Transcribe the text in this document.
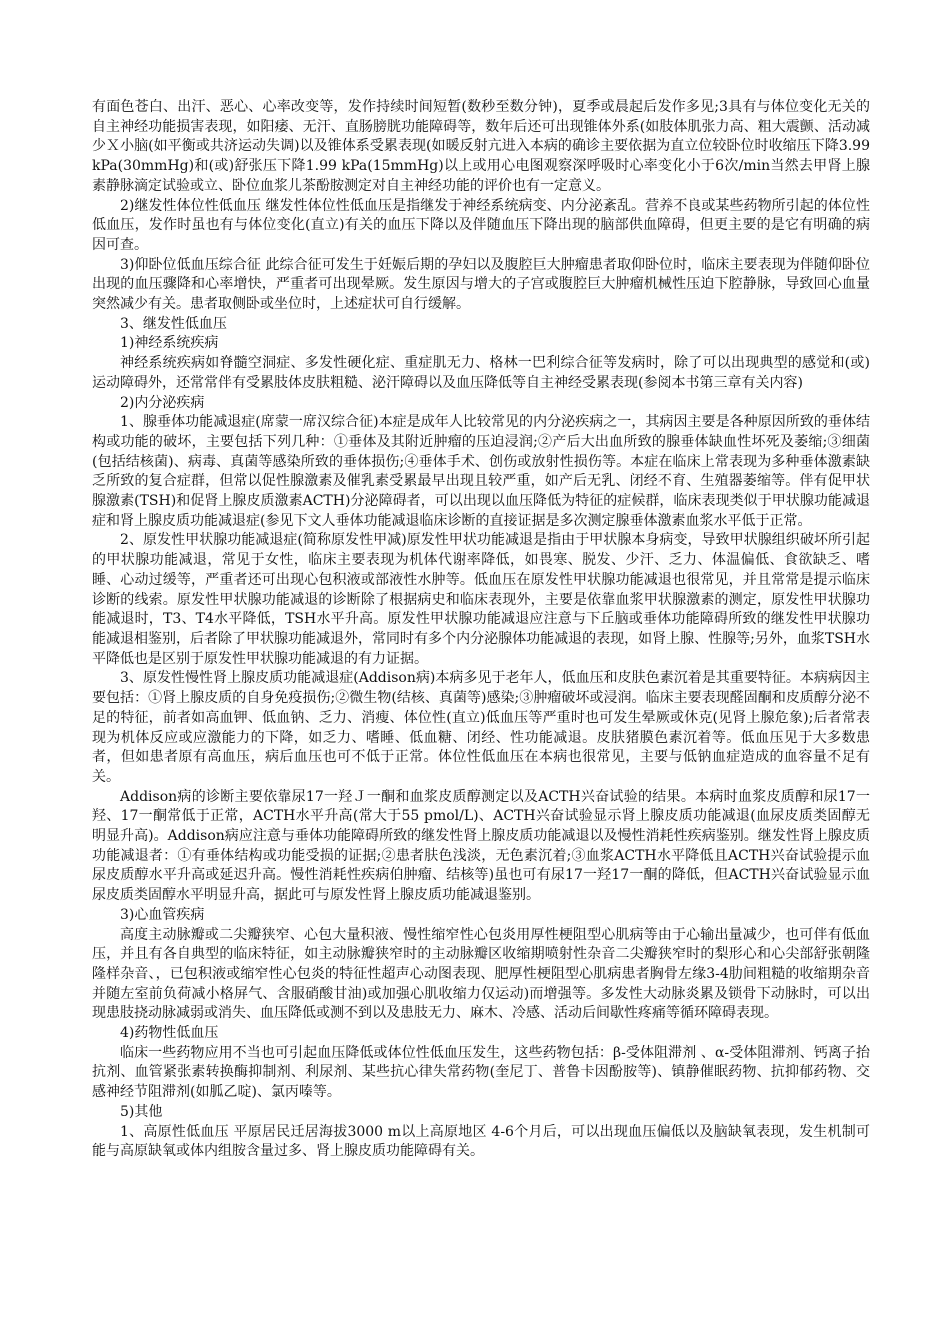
有面色苍白、出汗、恶心、心率改变等，发作持续时间短暂(数秒至数分钟)，夏季或晨起后发作多见;3具有与体位变化无关的自主神经功能损害表现，如阳痿、无汗、直肠膀胱功能障碍等，数年后还可出现锥体外系(如肢体肌张力高、粗大震颤、活动减少Ｘ小脑(如平衡或共济运动失调)以及锥体系受累表现(如暖反射亢进入本病的确诊主要依据为直立位较卧位时收缩压下降3.99 kPa(30mmHg)和(或)舒张压下降1.99 kPa(15mmHg)以上或用心电图观察深呼吸时心率变化小于6次/min当然去甲肾上腺素静脉滴定试验或立、卧位血浆儿茶酚胺测定对自主神经功能的评价也有一定意义。

2)继发性体位性低血压 继发性体位性低血压是指继发于神经系统病变、内分泌紊乱。营养不良或某些药物所引起的体位性低血压，发作时虽也有与体位变化(直立)有关的血压下降以及伴随血压下降出现的脑部供血障碍，但更主要的是它有明确的病因可查。

3)仰卧位低血压综合征 此综合征可发生于妊娠后期的孕妇以及腹腔巨大肿瘤患者取仰卧位时，临床主要表现为伴随仰卧位出现的血压骤降和心率增快，严重者可出现晕厥。发生原因与增大的子宫或腹腔巨大肿瘤机械性压迫下腔静脉，导致回心血量突然减少有关。患者取侧卧或坐位时，上述症状可自行缓解。

3、继发性低血压

1)神经系统疾病

神经系统疾病如脊髓空洞症、多发性硬化症、重症肌无力、格林一巴利综合征等发病时，除了可以出现典型的感觉和(或)运动障碍外，还常常伴有受累肢体皮肤粗糙、泌汗障碍以及血压降低等自主神经受累表现(参阅本书第三章有关内容)

2)内分泌疾病

1、腺垂体功能减退症(席蒙一席汉综合征)本症是成年人比较常见的内分泌疾病之一，其病因主要是各种原因所致的垂体结构或功能的破坏，主要包括下列几种：①垂体及其附近肿瘤的压迫浸润;②产后大出血所致的腺垂体缺血性坏死及萎缩;③细菌(包括结核菌)、病毒、真菌等感染所致的垂体损伤;④垂体手术、创伤或放射性损伤等。本症在临床上常表现为多种垂体激素缺乏所致的复合症群，但常以促性腺激素及催乳素受累最早出现且较严重，如产后无乳、闭经不育、生殖器萎缩等。伴有促甲状腺激素(TSH)和促肾上腺皮质激素ACTH)分泌障碍者，可以出现以血压降低为特征的症候群，临床表现类似于甲状腺功能减退症和肾上腺皮质功能减退症(参见下文人垂体功能减退临床诊断的直接证据是多次测定腺垂体激素血浆水平低于正常。

2、原发性甲状腺功能减退症(简称原发性甲减)原发性甲状功能减退是指由于甲状腺本身病变，导致甲状腺组织破坏所引起的甲状腺功能减退，常见于女性，临床主要表现为机体代谢率降低，如畏寒、脱发、少汗、乏力、体温偏低、食欲缺乏、嗜睡、心动过缓等，严重者还可出现心包积液或部液性水肿等。低血压在原发性甲状腺功能减退也很常见，并且常常是提示临床诊断的线索。原发性甲状腺功能减退的诊断除了根据病史和临床表现外，主要是依靠血浆甲状腺激素的测定，原发性甲状腺功能减退时，T3、T4水平降低，TSH水平升高。原发性甲状腺功能减退应注意与下丘脑或垂体功能障碍所致的继发性甲状腺功能减退相鉴别，后者除了甲状腺功能减退外，常同时有多个内分泌腺体功能减退的表现，如肾上腺、性腺等;另外，血浆TSH水平降低也是区别于原发性甲状腺功能减退的有力证据。

3、原发性慢性肾上腺皮质功能减退症(Addison病)本病多见于老年人，低血压和皮肤色素沉着是其重要特征。本病病因主要包括：①肾上腺皮质的自身免疫损伤;②微生物(结核、真菌等)感染;③肿瘤破坏或浸润。临床主要表现醛固酮和皮质醇分泌不足的特征，前者如高血钾、低血钠、乏力、消瘦、体位性(直立)低血压等严重时也可发生晕厥或休克(见肾上腺危象);后者常表现为机体反应或应激能力的下降，如乏力、嗜睡、低血糖、闭经、性功能减退。皮肤猪膜色素沉着等。低血压见于大多数患者，但如患者原有高血压，病后血压也可不低于正常。体位性低血压在本病也很常见，主要与低钠血症造成的血容量不足有关。

Addison病的诊断主要依靠尿17一羟Ｊ一酮和血浆皮质醇测定以及ACTH兴奋试验的结果。本病时血浆皮质醇和尿17一羟、17一酮常低于正常，ACTH水平升高(常大于55 pmol/L)、ACTH兴奋试验显示肾上腺皮质功能减退(血尿皮质类固醇无明显升高)。Addison病应注意与垂体功能障碍所致的继发性肾上腺皮质功能减退以及慢性消耗性疾病鉴别。继发性肾上腺皮质功能减退者：①有垂体结构或功能受损的证据;②患者肤色浅淡，无色素沉着;③血浆ACTH水平降低且ACTH兴奋试验提示血尿皮质醇水平升高或延迟升高。慢性消耗性疾病伯肿瘤、结核等)虽也可有尿17一羟17一酮的降低，但ACTH兴奋试验显示血尿皮质类固醇水平明显升高，据此可与原发性肾上腺皮质功能减退鉴别。

3)心血管疾病

高度主动脉瓣或二尖瓣狭窄、心包大量积液、慢性缩窄性心包炎用厚性梗阻型心肌病等由于心输出量减少，也可伴有低血压，并且有各自典型的临床特征，如主动脉瓣狭窄时的主动脉瓣区收缩期喷射性杂音二尖瓣狭窄时的梨形心和心尖部舒张朝隆隆样杂音、，已包积液或缩窄性心包炎的特征性超声心动图表现、肥厚性梗阻型心肌病患者胸骨左缘3-4肋间粗糙的收缩期杂音并随左室前负荷减小格屏气、含服硝酸甘油)或加强心肌收缩力仅运动)而增强等。多发性大动脉炎累及锁骨下动脉时，可以出现患肢挠动脉减弱或消失、血压降低或测不到以及患肢无力、麻木、冷感、活动后间歇性疼痛等循环障碍表现。

4)药物性低血压

临床一些药物应用不当也可引起血压降低或体位性低血压发生，这些药物包括：β-受体阻滞剂 、α-受体阻滞剂、钙离子抬抗剂、血管紧张素转换酶抑制剂、利尿剂、某些抗心律失常药物(奎尼丁、普鲁卡因酚胺等)、镇静催眠药物、抗抑郁药物、交感神经节阻滞剂(如胍乙啶)、氯丙嗪等。

5)其他

1、高原性低血压 平原居民迁居海拔3000 m以上高原地区 4-6个月后，可以出现血压偏低以及脑缺氧表现，发生机制可能与高原缺氧或体内组胺含量过多、肾上腺皮质功能障碍有关。
